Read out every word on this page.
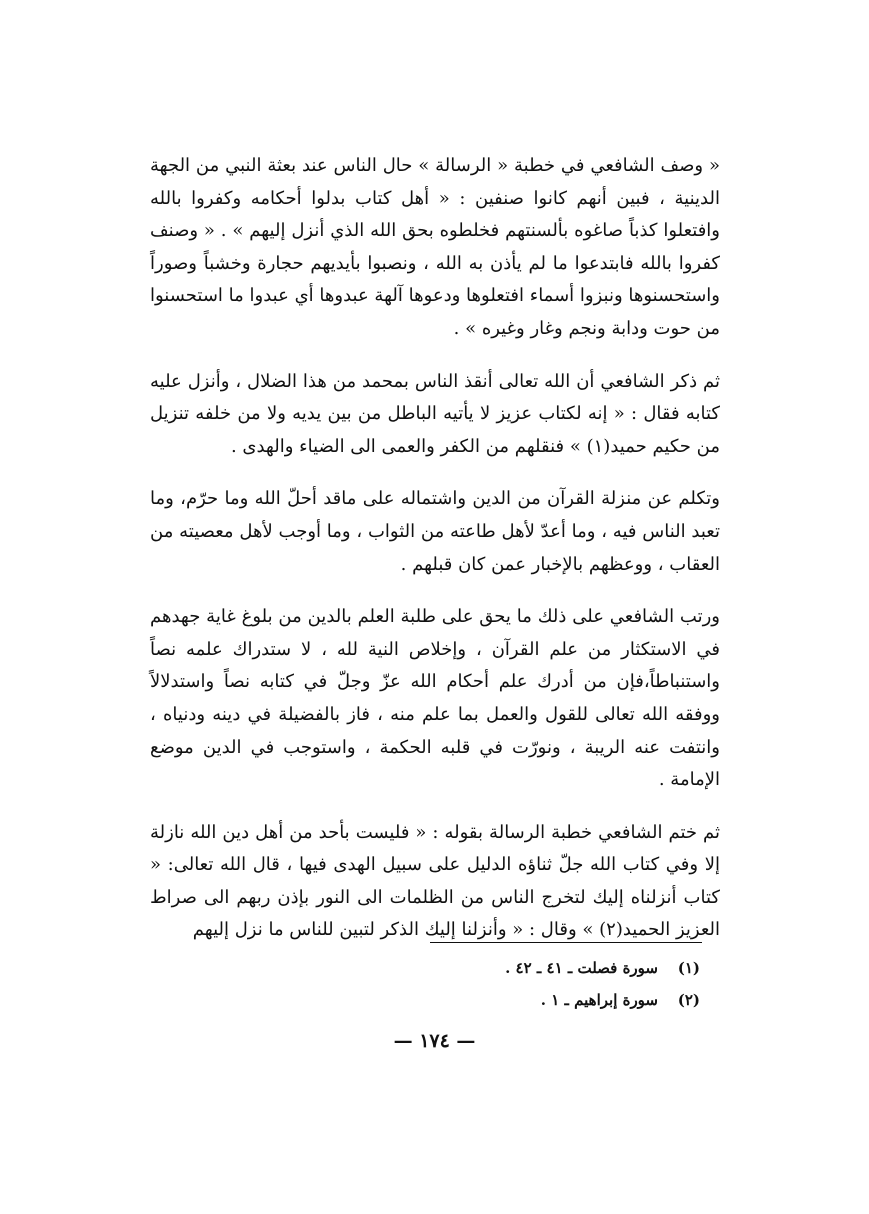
« وصف الشافعي في خطبة « الرسالة » حال الناس عند بعثة النبي من الجهة الدينية ، فبين أنهم كانوا صنفين : « أهل كتاب بدلوا أحكامه وكفروا بالله وافتعلوا كذباً صاغوه بألسنتهم فخلطوه بحق الله الذي أنزل إليهم » . « وصنف كفروا بالله فابتدعوا ما لم يأذن به الله ، ونصبوا بأيديهم حجارة وخشباً وصوراً واستحسنوها ونبزوا أسماء افتعلوها ودعوها آلهة عبدوها أي عبدوا ما استحسنوا من حوت ودابة ونجم وغار وغيره » .

ثم ذكر الشافعي أن الله تعالى أنقذ الناس بمحمد من هذا الضلال ، وأنزل عليه كتابه فقال : « إنه لكتاب عزيز لا يأتيه الباطل من بين يديه ولا من خلفه تنزيل من حكيم حميد(١) » فنقلهم من الكفر والعمى الى الضياء والهدى .

وتكلم عن منزلة القرآن من الدين واشتماله على ماقد أحلّ الله وما حرّم، وما تعبد الناس فيه ، وما أعدّ لأهل طاعته من الثواب ، وما أوجب لأهل معصيته من العقاب ، ووعظهم بالإخبار عمن كان قبلهم .

ورتب الشافعي على ذلك ما يحق على طلبة العلم بالدين من بلوغ غاية جهدهم في الاستكثار من علم القرآن ، وإخلاص النية لله ، لا ستدراك علمه نصاً واستنباطاً،فإن من أدرك علم أحكام الله عزّ وجلّ في كتابه نصاً واستدلالاً ووفقه الله تعالى للقول والعمل بما علم منه ، فاز بالفضيلة في دينه ودنياه ، وانتفت عنه الريبة ، ونورّت في قلبه الحكمة ، واستوجب في الدين موضع الإمامة .

ثم ختم الشافعي خطبة الرسالة بقوله : « فليست بأحد من أهل دين الله نازلة إلا وفي كتاب الله جلّ ثناؤه الدليل على سبيل الهدى فيها ، قال الله تعالى: « كتاب أنزلناه إليك لتخرج الناس من الظلمات الى النور بإذن ربهم الى صراط العزيز الحميد(٢) » وقال : « وأنزلنا إليك الذكر لتبين للناس ما نزل إليهم

(١)
سورة فصلت ـ ٤١ ـ ٤٢ .
(٢)
سورة إبراهيم ـ ١ .
— ١٧٤ —
